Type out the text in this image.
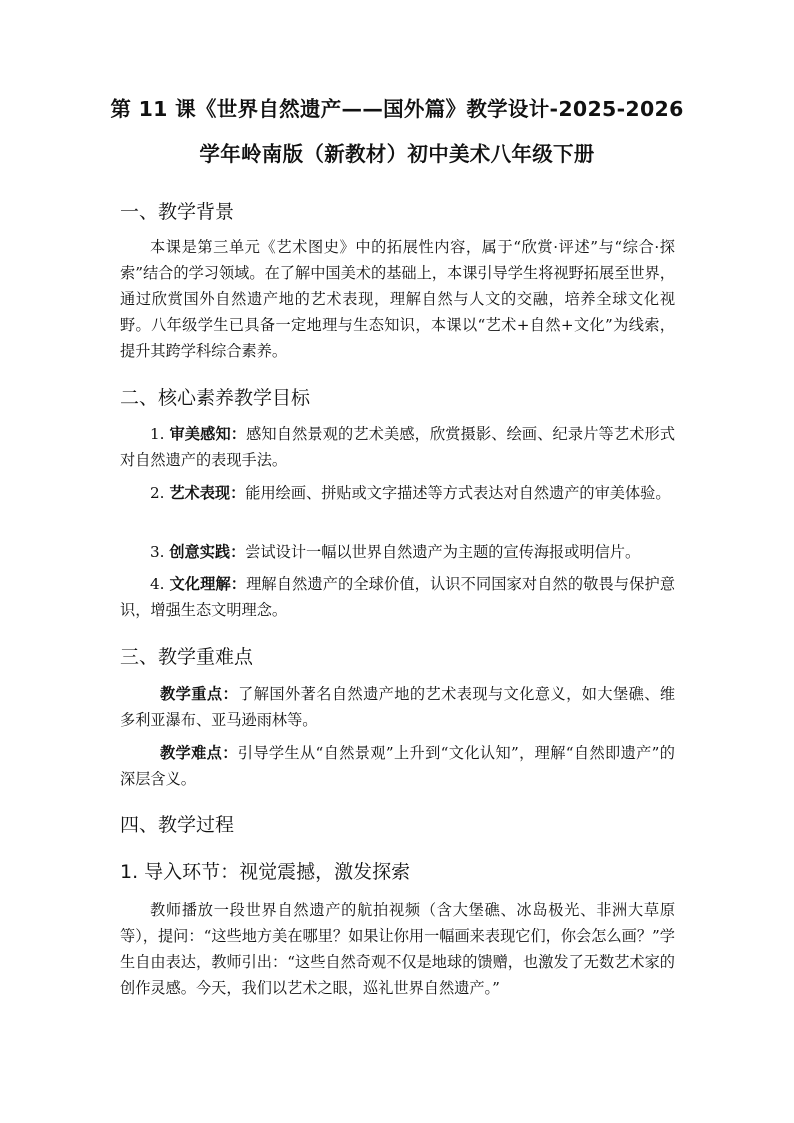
第 11 课《世界自然遗产——国外篇》教学设计-2025-2026
学年岭南版（新教材）初中美术八年级下册
一、教学背景
本课是第三单元《艺术图史》中的拓展性内容，属于“欣赏·评述”与“综合·探索”结合的学习领域。在了解中国美术的基础上，本课引导学生将视野拓展至世界，通过欣赏国外自然遗产地的艺术表现，理解自然与人文的交融，培养全球文化视野。八年级学生已具备一定地理与生态知识，本课以“艺术+自然+文化”为线索，提升其跨学科综合素养。
二、核心素养教学目标
1. 审美感知：感知自然景观的艺术美感，欣赏摄影、绘画、纪录片等艺术形式对自然遗产的表现手法。
2. 艺术表现：能用绘画、拼贴或文字描述等方式表达对自然遗产的审美体验。
3. 创意实践：尝试设计一幅以世界自然遗产为主题的宣传海报或明信片。
4. 文化理解：理解自然遗产的全球价值，认识不同国家对自然的敬畏与保护意识，增强生态文明理念。
三、教学重难点
教学重点：了解国外著名自然遗产地的艺术表现与文化意义，如大堡礁、维多利亚瀑布、亚马逊雨林等。
教学难点：引导学生从“自然景观”上升到“文化认知”，理解“自然即遗产”的深层含义。
四、教学过程
1. 导入环节：视觉震撼，激发探索
教师播放一段世界自然遗产的航拍视频（含大堡礁、冰岛极光、非洲大草原等），提问：“这些地方美在哪里？如果让你用一幅画来表现它们，你会怎么画？”学生自由表达，教师引出：“这些自然奇观不仅是地球的馈赠，也激发了无数艺术家的创作灵感。今天，我们以艺术之眼，巡礼世界自然遗产。”
